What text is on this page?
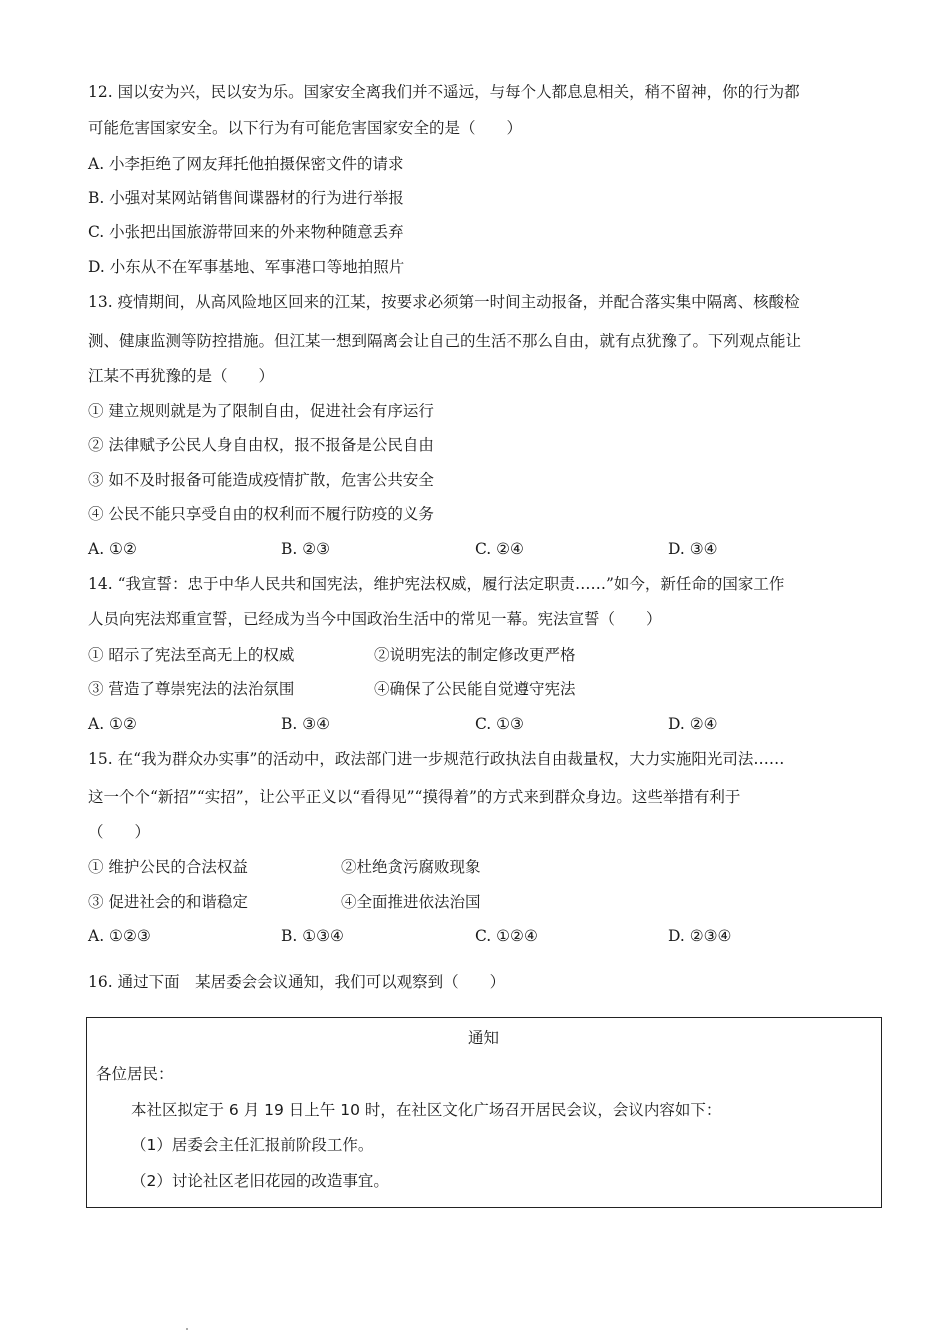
12. 国以安为兴，民以安为乐。国家安全离我们并不遥远，与每个人都息息相关，稍不留神，你的行为都
可能危害国家安全。以下行为有可能危害国家安全的是（　　）
A. 小李拒绝了网友拜托他拍摄保密文件的请求
B. 小强对某网站销售间谍器材的行为进行举报
C. 小张把出国旅游带回来的外来物种随意丢弃
D. 小东从不在军事基地、军事港口等地拍照片
13. 疫情期间，从高风险地区回来的江某，按要求必须第一时间主动报备，并配合落实集中隔离、核酸检
测、健康监测等防控措施。但江某一想到隔离会让自己的生活不那么自由，就有点犹豫了。下列观点能让
江某不再犹豫的是（　　）
① 建立规则就是为了限制自由，促进社会有序运行
② 法律赋予公民人身自由权，报不报备是公民自由
③ 如不及时报备可能造成疫情扩散，危害公共安全
④ 公民不能只享受自由的权利而不履行防疫的义务
A. ①②	B. ②③	C. ②④	D. ③④
14. “我宣誓：忠于中华人民共和国宪法，维护宪法权威，履行法定职责……”如今，新任命的国家工作
人员向宪法郑重宣誓，已经成为当今中国政治生活中的常见一幕。宪法宣誓（　　）
① 昭示了宪法至高无上的权威	②说明宪法的制定修改更严格
③ 营造了尊崇宪法的法治氛围	④确保了公民能自觉遵守宪法
A. ①②	B. ③④	C. ①③	D. ②④
15. 在“我为群众办实事”的活动中，政法部门进一步规范行政执法自由裁量权，大力实施阳光司法……
这一个个“新招”“实招”，让公平正义以“看得见”“摸得着”的方式来到群众身边。这些举措有利于
（　　）
① 维护公民的合法权益	②杜绝贪污腐败现象
③ 促进社会的和谐稳定	④全面推进依法治国
A. ①②③	B. ①③④	C. ①②④	D. ②③④
16. 通过下面　某居委会会议通知，我们可以观察到（　　）
通知
各位居民：
本社区拟定于 6 月 19 日上午 10 时，在社区文化广场召开居民会议，会议内容如下：
（1）居委会主任汇报前阶段工作。
（2）讨论社区老旧花园的改造事宜。
